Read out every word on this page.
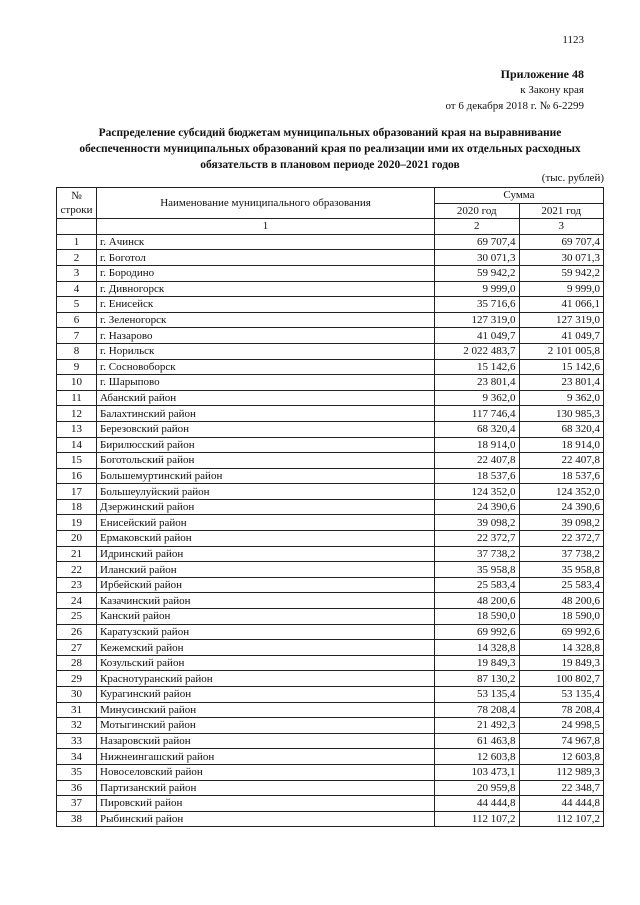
1123
Приложение 48
к Закону края
от 6 декабря 2018 г. № 6-2299
Распределение субсидий бюджетам муниципальных образований края на выравнивание
обеспеченности муниципальных образований края по реализации ими их отдельных расходных
обязательств в плановом периоде 2020–2021 годов
(тыс. рублей)
№ строки	Наименование муниципального образования	Сумма	
		2020 год	2021 год
	1	2	3
1	г. Ачинск	69 707,4	69 707,4
2	г. Боготол	30 071,3	30 071,3
3	г. Бородино	59 942,2	59 942,2
4	г. Дивногорск	9 999,0	9 999,0
5	г. Енисейск	35 716,6	41 066,1
6	г. Зеленогорск	127 319,0	127 319,0
7	г. Назарово	41 049,7	41 049,7
8	г. Норильск	2 022 483,7	2 101 005,8
9	г. Сосновоборск	15 142,6	15 142,6
10	г. Шарыпово	23 801,4	23 801,4
11	Абанский район	9 362,0	9 362,0
12	Балахтинский район	117 746,4	130 985,3
13	Березовский район	68 320,4	68 320,4
14	Бирилюсский район	18 914,0	18 914,0
15	Боготольский район	22 407,8	22 407,8
16	Большемуртинский район	18 537,6	18 537,6
17	Большеулуйский район	124 352,0	124 352,0
18	Дзержинский район	24 390,6	24 390,6
19	Енисейский район	39 098,2	39 098,2
20	Ермаковский район	22 372,7	22 372,7
21	Идринский район	37 738,2	37 738,2
22	Иланский район	35 958,8	35 958,8
23	Ирбейский район	25 583,4	25 583,4
24	Казачинский район	48 200,6	48 200,6
25	Канский район	18 590,0	18 590,0
26	Каратузский район	69 992,6	69 992,6
27	Кежемский район	14 328,8	14 328,8
28	Козульский район	19 849,3	19 849,3
29	Краснотуранский район	87 130,2	100 802,7
30	Курагинский район	53 135,4	53 135,4
31	Минусинский район	78 208,4	78 208,4
32	Мотыгинский район	21 492,3	24 998,5
33	Назаровский район	61 463,8	74 967,8
34	Нижнеингашский район	12 603,8	12 603,8
35	Новоселовский район	103 473,1	112 989,3
36	Партизанский район	20 959,8	22 348,7
37	Пировский район	44 444,8	44 444,8
38	Рыбинский район	112 107,2	112 107,2
